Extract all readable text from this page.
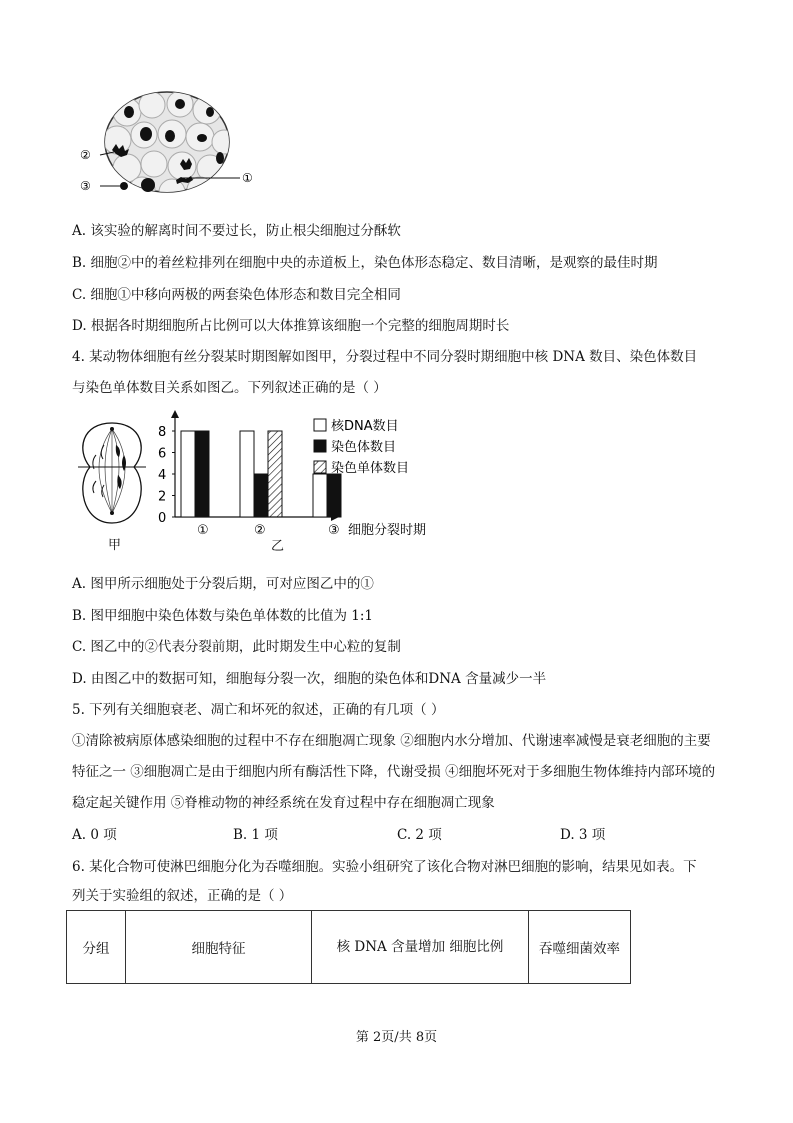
②
③
①
A. 该实验的解离时间不要过长，防止根尖细胞过分酥软
B. 细胞②中的着丝粒排列在细胞中央的赤道板上，染色体形态稳定、数目清晰，是观察的最佳时期
C. 细胞①中移向两极的两套染色体形态和数目完全相同
D. 根据各时期细胞所占比例可以大体推算该细胞一个完整的细胞周期时长
4. 某动物体细胞有丝分裂某时期图解如图甲，分裂过程中不同分裂时期细胞中核 DNA 数目、染色体数目
与染色单体数目关系如图乙。下列叙述正确的是（ ）
甲
0
2
4
6
8
①	②	③
核DNA数目
染色体数目
染色单体数目
细胞分裂时期
乙
A. 图甲所示细胞处于分裂后期，可对应图乙中的①
B. 图甲细胞中染色体数与染色单体数的比值为 1:1
C. 图乙中的②代表分裂前期，此时期发生中心粒的复制
D. 由图乙中的数据可知，细胞每分裂一次，细胞的染色体和DNA 含量减少一半
5. 下列有关细胞衰老、凋亡和坏死的叙述，正确的有几项（ ）
①清除被病原体感染细胞的过程中不存在细胞凋亡现象 ②细胞内水分增加、代谢速率减慢是衰老细胞的主要特征之一 ③细胞凋亡是由于细胞内所有酶活性下降，代谢受损 ④细胞坏死对于多细胞生物体维持内部环境的稳定起关键作用 ⑤脊椎动物的神经系统在发育过程中存在细胞凋亡现象
A. 0 项	B. 1 项	C. 2 项	D. 3 项
6. 某化合物可使淋巴细胞分化为吞噬细胞。实验小组研究了该化合物对淋巴细胞的影响，结果见如表。下
列关于实验组的叙述，正确的是（ ）
分组	细胞特征	核 DNA 含量增加 细胞比例	吞噬细菌效率
第 2页/共 8页
